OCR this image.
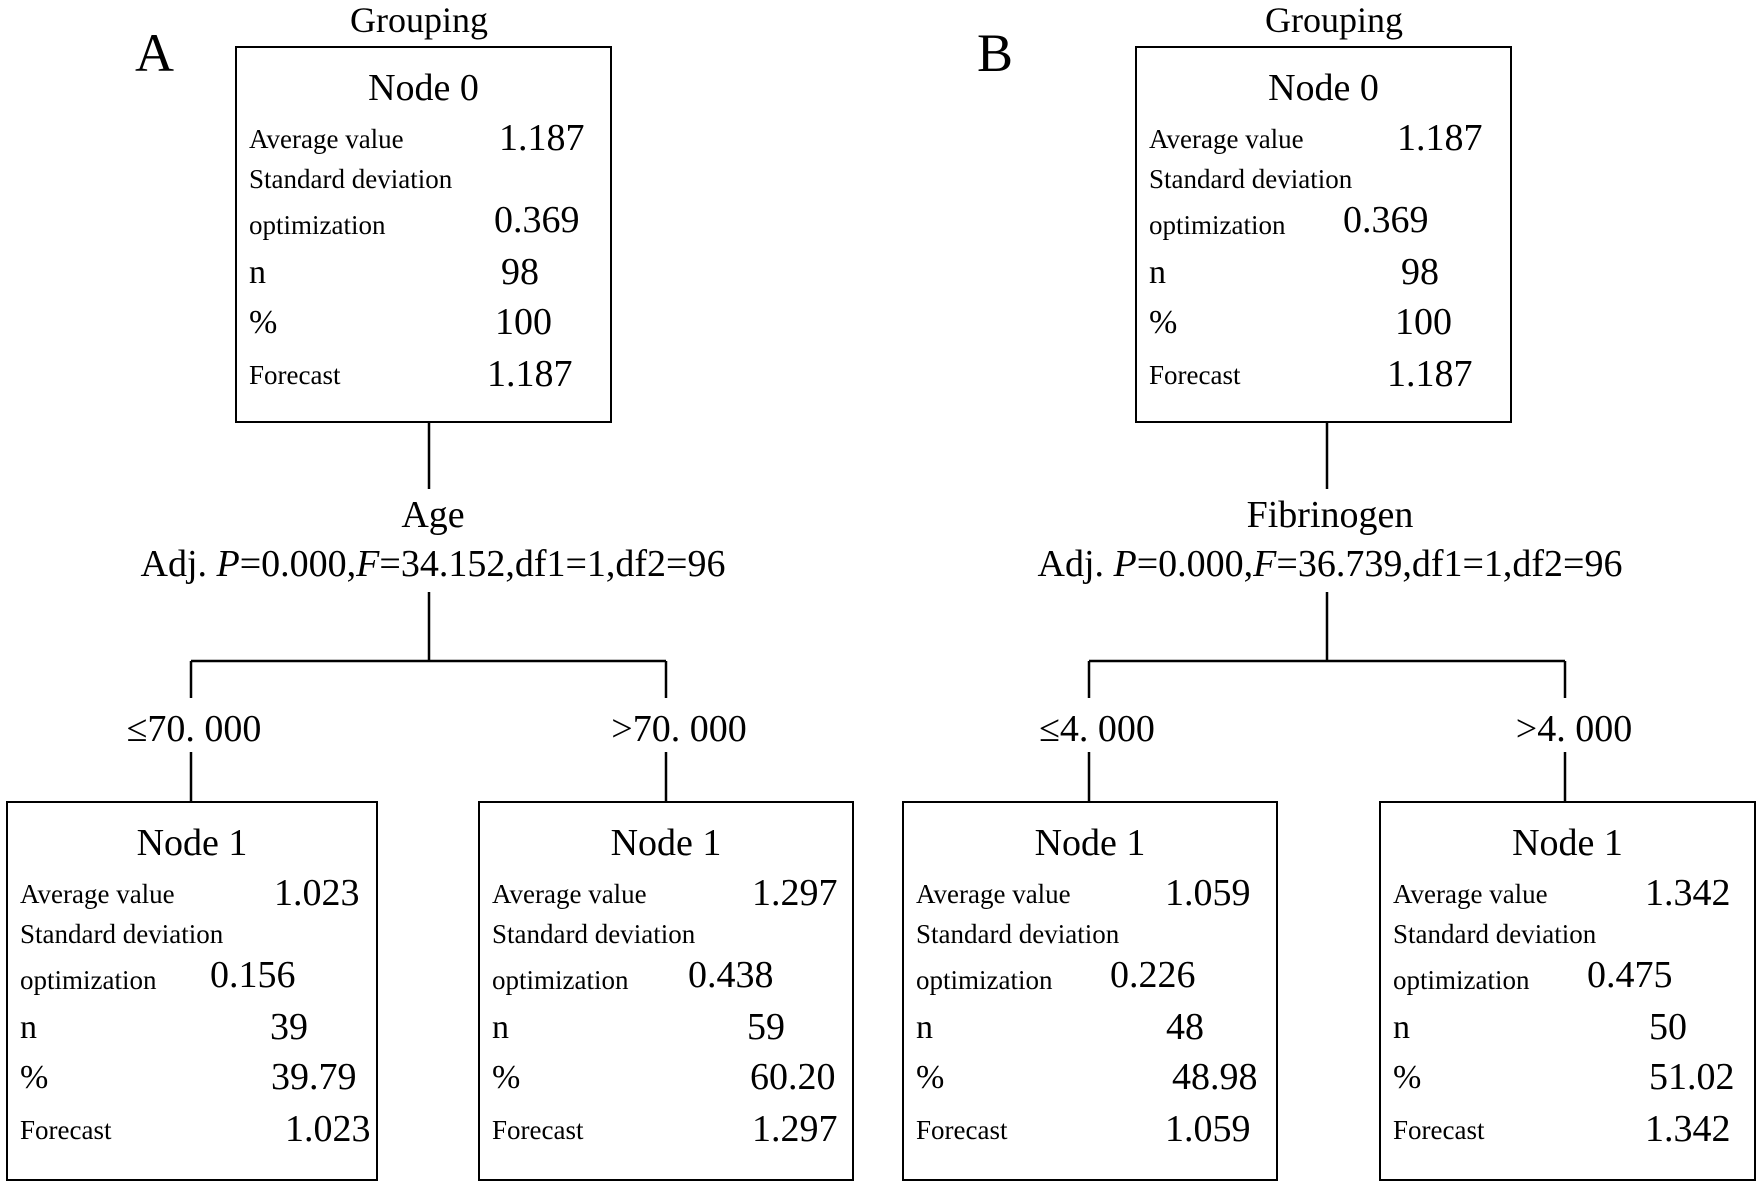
A
Grouping
Node 0
Average value	1.187
Standard deviation
optimization	0.369
n	98
%	100
Forecast	1.187
Age
Adj. P=0.000,F=34.152,df1=1,df2=96
≤70. 000	>70. 000
Node 1
Average value	1.023
Standard deviation
optimization 0.156
n	39
%	39.79
Forecast	1.023
Node 1
Average value	1.297
Standard deviation
optimization 0.438
n	59
%	60.20
Forecast	1.297
B
Grouping
Node 0
Average value 1.187
Standard deviation
optimization 0.369
n	98
%	100
Forecast	1.187
Fibrinogen
Adj. P=0.000,F=36.739,df1=1,df2=96
≤4. 000	>4. 000
Node 1
Average value 1.059
Standard deviation
optimization 0.226
n	48
%	48.98
Forecast	1.059
Node 1
Average value	1.342
Standard deviation
optimization 0.475
n	50
%	51.02
Forecast	1.342
